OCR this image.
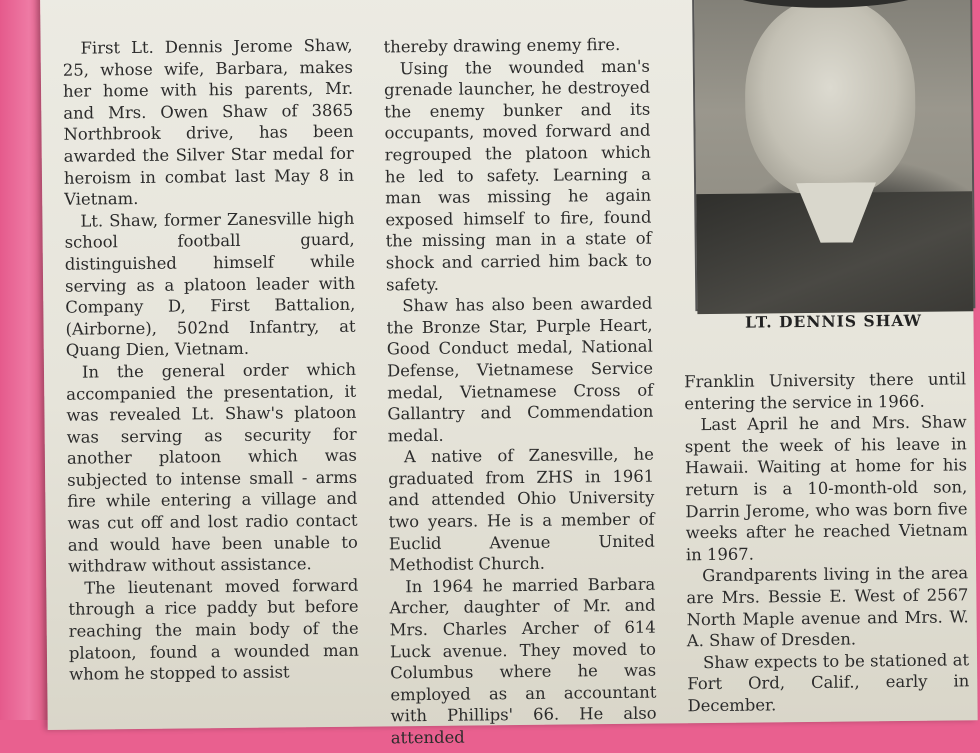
First Lt. Dennis Jerome Shaw, 25, whose wife, Barbara, makes her home with his parents, Mr. and Mrs. Owen Shaw of 3865 Northbrook drive, has been awarded the Silver Star medal for heroism in combat last May 8 in Vietnam.

Lt. Shaw, former Zanesville high school football guard, distinguished himself while serving as a platoon leader with Company D, First Battalion, (Airborne), 502nd Infantry, at Quang Dien, Vietnam.

In the general order which accompanied the presentation, it was revealed Lt. Shaw's platoon was serving as security for another platoon which was subjected to intense small - arms fire while entering a village and was cut off and lost radio contact and would have been unable to withdraw without assistance.

The lieutenant moved forward through a rice paddy but before reaching the main body of the platoon, found a wounded man whom he stopped to assist

thereby drawing enemy fire.

Using the wounded man's grenade launcher, he destroyed the enemy bunker and its occupants, moved forward and regrouped the platoon which he led to safety. Learning a man was missing he again exposed himself to fire, found the missing man in a state of shock and carried him back to safety.

Shaw has also been awarded the Bronze Star, Purple Heart, Good Conduct medal, National Defense, Vietnamese Service medal, Vietnamese Cross of Gallantry and Commendation medal.

A native of Zanesville, he graduated from ZHS in 1961 and attended Ohio University two years. He is a member of Euclid Avenue United Methodist Church.

In 1964 he married Barbara Archer, daughter of Mr. and Mrs. Charles Archer of 614 Luck avenue. They moved to Columbus where he was employed as an accountant with Phillips' 66. He also attended

LT. DENNIS SHAW

Franklin University there until entering the service in 1966.

Last April he and Mrs. Shaw spent the week of his leave in Hawaii. Waiting at home for his return is a 10-month-old son, Darrin Jerome, who was born five weeks after he reached Vietnam in 1967.

Grandparents living in the area are Mrs. Bessie E. West of 2567 North Maple avenue and Mrs. W. A. Shaw of Dresden.

Shaw expects to be stationed at Fort Ord, Calif., early in December.
